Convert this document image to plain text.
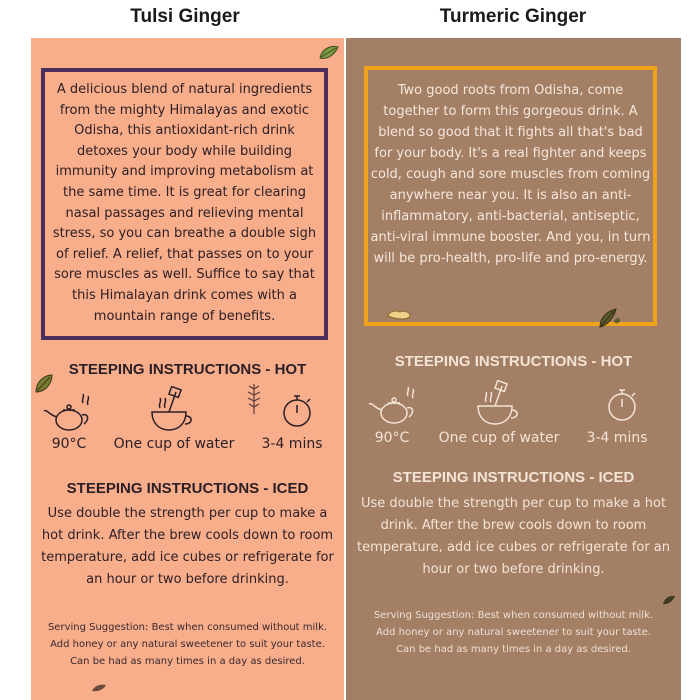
Tulsi Ginger	Turmeric Ginger
A delicious blend of natural ingredients from the mighty Himalayas and exotic Odisha, this antioxidant-rich drink detoxes your body while building immunity and improving metabolism at the same time. It is great for clearing nasal passages and relieving mental stress, so you can breathe a double sigh of relief. A relief, that passes on to your sore muscles as well. Suffice to say that this Himalayan drink comes with a mountain range of benefits.
STEEPING INSTRUCTIONS - HOT
90°C	One cup of water	3-4 mins
STEEPING INSTRUCTIONS - ICED
Use double the strength per cup to make a hot drink. After the brew cools down to room temperature, add ice cubes or refrigerate for an hour or two before drinking.
Serving Suggestion: Best when consumed without milk.
Add honey or any natural sweetener to suit your taste.
Can be had as many times in a day as desired.
Two good roots from Odisha, come together to form this gorgeous drink. A blend so good that it fights all that's bad for your body. It's a real fighter and keeps cold, cough and sore muscles from coming anywhere near you. It is also an anti-inflammatory, anti-bacterial, antiseptic, anti-viral immune booster. And you, in turn will be pro-health, pro-life and pro-energy.
STEEPING INSTRUCTIONS - HOT
90°C	One cup of water	3-4 mins
STEEPING INSTRUCTIONS - ICED
Use double the strength per cup to make a hot drink. After the brew cools down to room temperature, add ice cubes or refrigerate for an hour or two before drinking.
Serving Suggestion: Best when consumed without milk.
Add honey or any natural sweetener to suit your taste.
Can be had as many times in a day as desired.
